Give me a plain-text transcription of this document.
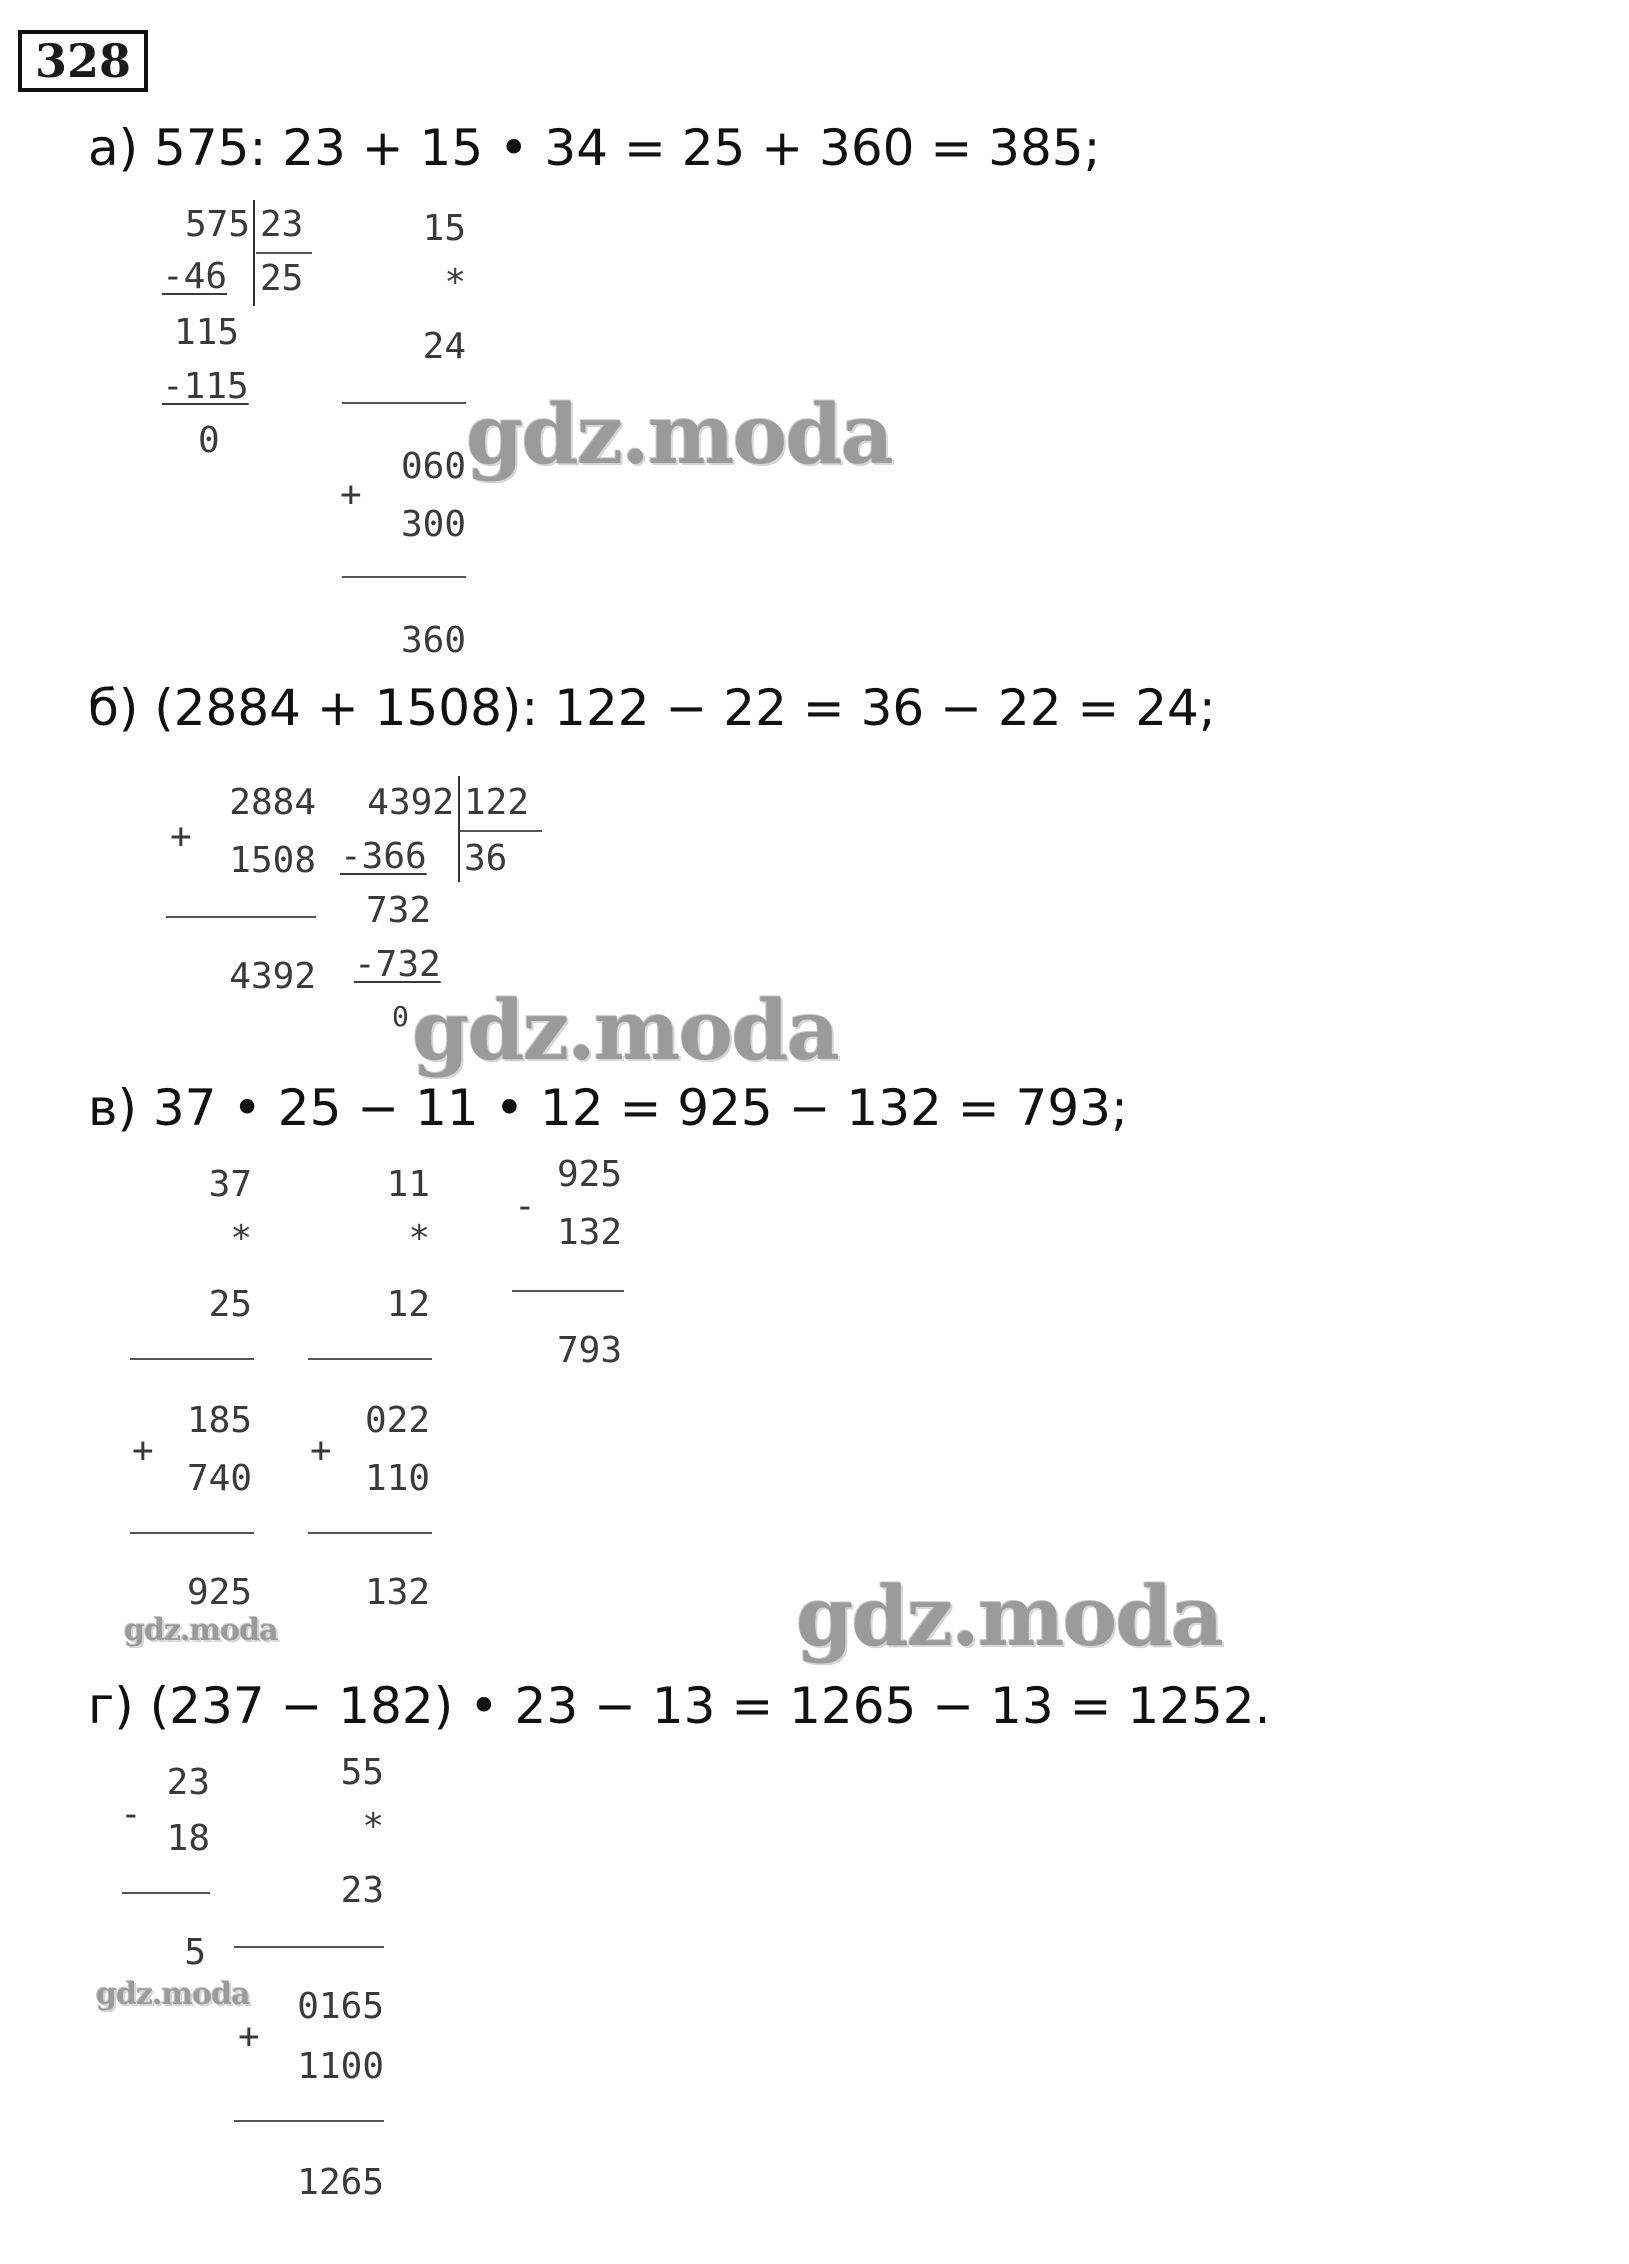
328
а) 575: 23 + 15 • 34 = 25 + 360 = 385;
575 23
25
-46
115
-115
0
15
*
24
060
+
300
360
gdz.moda
б) (2884 + 1508): 122 − 22 = 36 − 22 = 24;
+
2884
1508
4392
4392 122
36
-366
732
-732
0 gdz.moda
в) 37 • 25 − 11 • 12 = 925 − 132 = 793;
37
*
25
+
185
740
925
11
*
12
+
022
110
132
-
925
132
793
gdz.moda	gdz.moda
г) (237 − 182) • 23 − 13 = 1265 − 13 = 1252.
-
23
18
5
55
*
23
0165
+
1100
1265
gdz.moda
